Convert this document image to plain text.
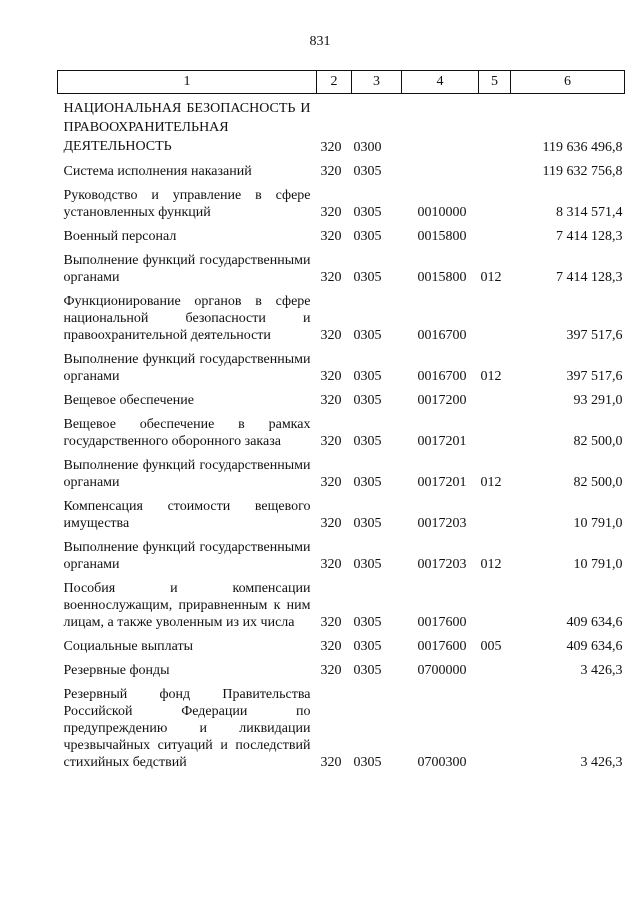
831
1	2	3	4	5	6
НАЦИОНАЛЬНАЯ БЕЗОПАСНОСТЬ И ПРАВООХРАНИТЕЛЬНАЯ ДЕЯТЕЛЬНОСТЬ	320	0300			119 636 496,8
Система исполнения наказаний	320	0305			119 632 756,8
Руководство и управление в сфере установленных функций	320	0305	0010000		8 314 571,4
Военный персонал	320	0305	0015800		7 414 128,3
Выполнение функций государственными органами	320	0305	0015800	012	7 414 128,3
Функционирование органов в сфере национальной безопасности и правоохранительной деятельности	320	0305	0016700		397 517,6
Выполнение функций государственными органами	320	0305	0016700	012	397 517,6
Вещевое обеспечение	320	0305	0017200		93 291,0
Вещевое обеспечение в рамках государственного оборонного заказа	320	0305	0017201		82 500,0
Выполнение функций государственными органами	320	0305	0017201	012	82 500,0
Компенсация стоимости вещевого имущества	320	0305	0017203		10 791,0
Выполнение функций государственными органами	320	0305	0017203	012	10 791,0
Пособия и компенсации военнослужащим, приравненным к ним лицам, а также уволенным из их числа	320	0305	0017600		409 634,6
Социальные выплаты	320	0305	0017600	005	409 634,6
Резервные фонды	320	0305	0700000		3 426,3
Резервный фонд Правительства Российской Федерации по предупреждению и ликвидации чрезвычайных ситуаций и последствий стихийных бедствий	320	0305	0700300		3 426,3
